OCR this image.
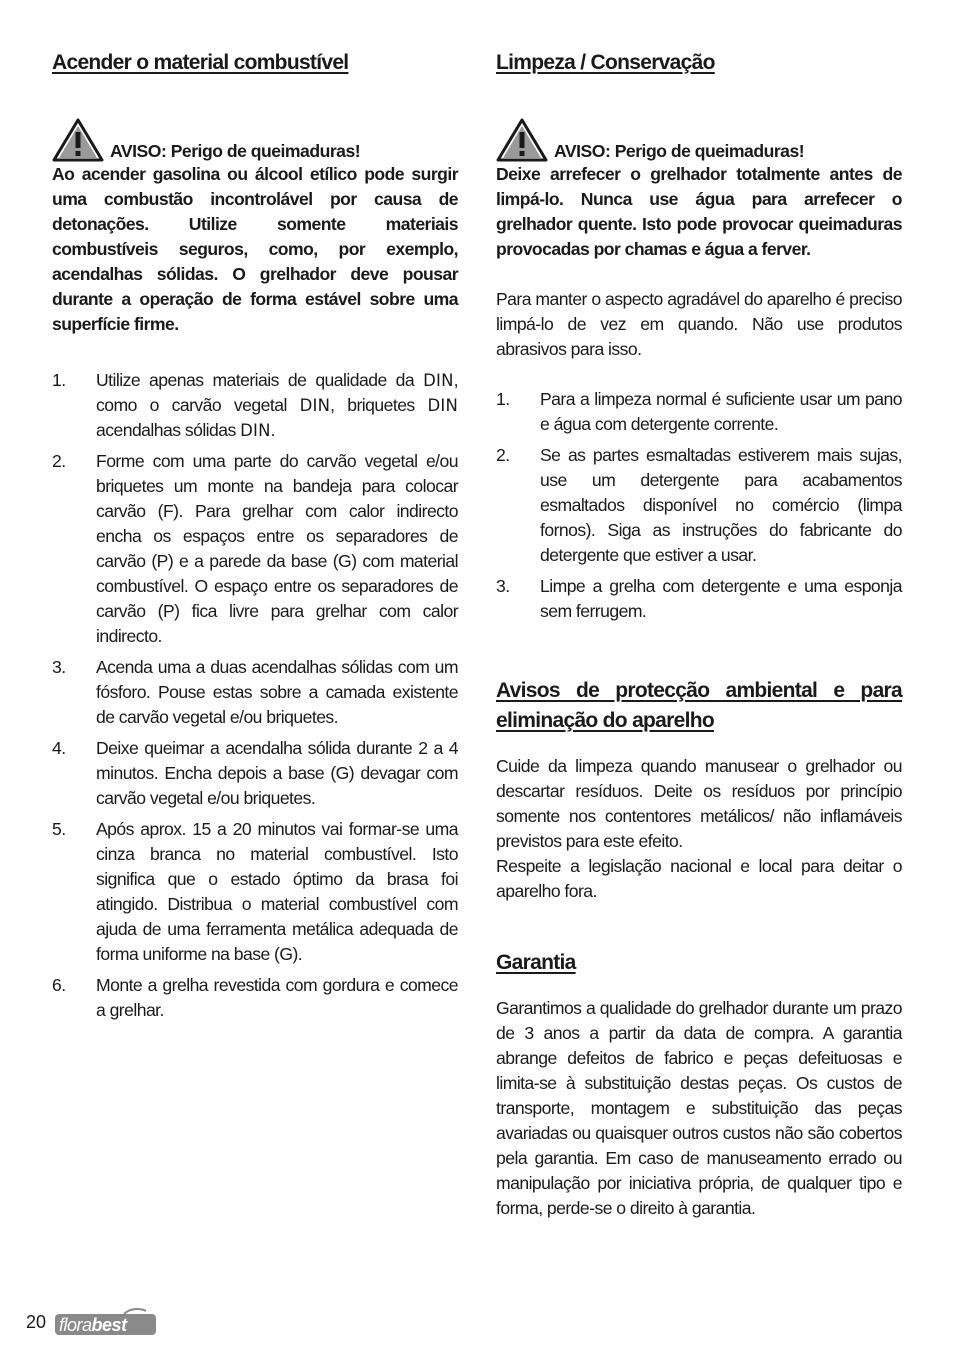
Acender o material combustível
AVISO: Perigo de queimaduras!

Ao acender gasolina ou álcool etílico pode surgir uma combustão incontrolável por causa de detonações. Utilize somente materiais combustíveis seguros, como, por exemplo, acendalhas sólidas. O grelhador deve pousar durante a operação de forma estável sobre uma superfície firme.

1.	Utilize apenas materiais de qualidade da DIN, como o carvão vegetal DIN, briquetes DIN acendalhas sólidas DIN.
2.	Forme com uma parte do carvão vegetal e/ou briquetes um monte na bandeja para colocar carvão (F). Para grelhar com calor indirecto encha os espaços entre os separadores de carvão (P) e a parede da base (G) com material combustível. O espaço entre os separadores de carvão (P) fica livre para grelhar com calor indirecto.
3.	Acenda uma a duas acendalhas sólidas com um fósforo. Pouse estas sobre a camada existente de carvão vegetal e/ou briquetes.
4.	Deixe queimar a acendalha sólida durante 2 a 4 minutos. Encha depois a base (G) devagar com carvão vegetal e/ou briquetes.
5.	Após aprox. 15 a 20 minutos vai formar-se uma cinza branca no material combustível. Isto significa que o estado óptimo da brasa foi atingido. Distribua o material combustível com ajuda de uma ferramenta metálica adequada de forma uniforme na base (G).
6.	Monte a grelha revestida com gordura e comece a grelhar.
Limpeza / Conservação
AVISO: Perigo de queimaduras!

Deixe arrefecer o grelhador totalmente antes de limpá-lo. Nunca use água para arrefecer o grelhador quente. Isto pode provocar queimaduras provocadas por chamas e água a ferver.

Para manter o aspecto agradável do aparelho é preciso limpá-lo de vez em quando. Não use produtos abrasivos para isso.

1.	Para a limpeza normal é suficiente usar um pano e água com detergente corrente.
2.	Se as partes esmaltadas estiverem mais sujas, use um detergente para acabamentos esmaltados disponível no comércio (limpa fornos). Siga as instruções do fabricante do detergente que estiver a usar.
3.	Limpe a grelha com detergente e uma esponja sem ferrugem.
Avisos de protecção ambiental e para eliminação do aparelho

Cuide da limpeza quando manusear o grelhador ou descartar resíduos. Deite os resíduos por princípio somente nos contentores metálicos/ não inflamáveis previstos para este efeito.

Respeite a legislação nacional e local para deitar o aparelho fora.

Garantia

Garantimos a qualidade do grelhador durante um prazo de 3 anos a partir da data de compra. A garantia abrange defeitos de fabrico e peças defeituosas e limita-se à substituição destas peças. Os custos de transporte, montagem e substituição das peças avariadas ou quaisquer outros custos não são cobertos pela garantia. Em caso de manuseamento errado ou manipulação por iniciativa própria, de qualquer tipo e forma, perde-se o direito à garantia.

20 florabest
